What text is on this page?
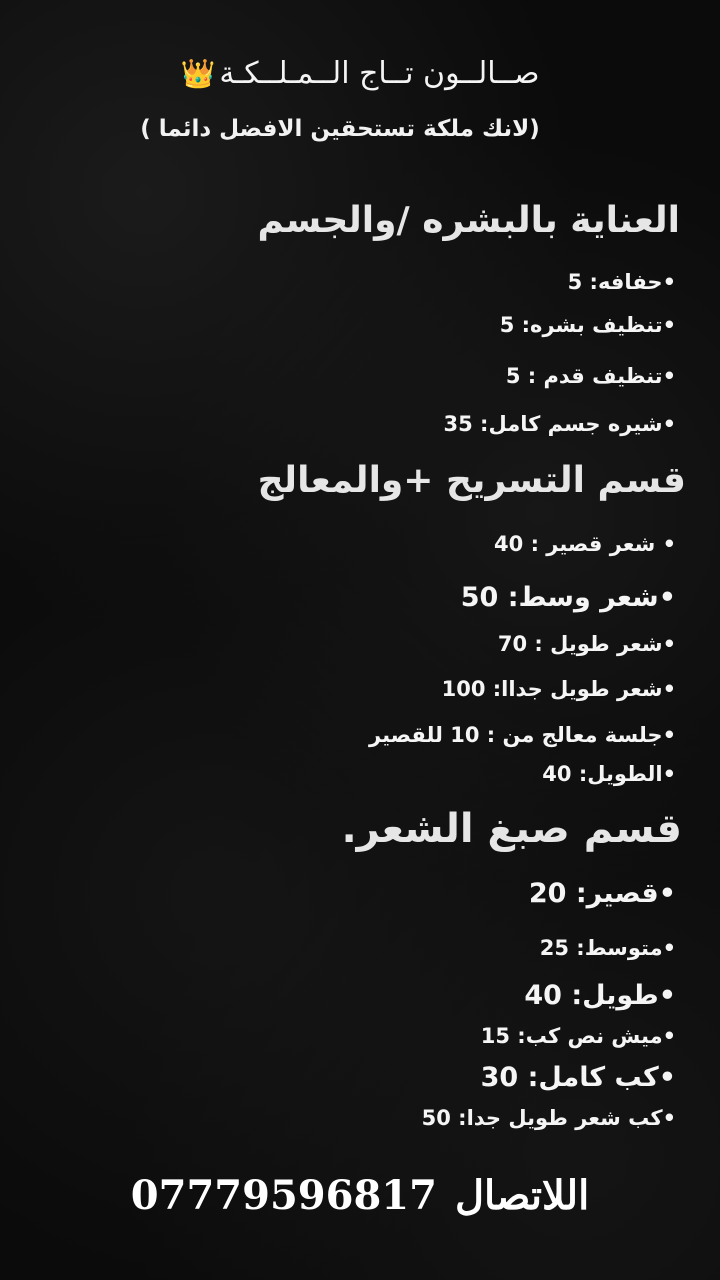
صــالــون تــاج الــمـلــكـة👑
(لانك ملكة تستحقين الافضل دائما )
العناية بالبشره /والجسم
•حفافه: 5
•تنظيف بشره: 5
•تنظيف قدم : 5
•شيره جسم كامل: 35
قسم التسريح +والمعالج
• شعر قصير : 40
•شعر وسط: 50
•شعر طويل : 70
•شعر طويل جداا: 100
•جلسة معالج من : 10 للقصير
•الطويل: 40
قسم صبغ الشعر.
•قصير: 20
•متوسط: 25
•طويل: 40
•ميش نص كب: 15
•كب كامل: 30
•كب شعر طويل جدا: 50
اللاتصال07779596817
